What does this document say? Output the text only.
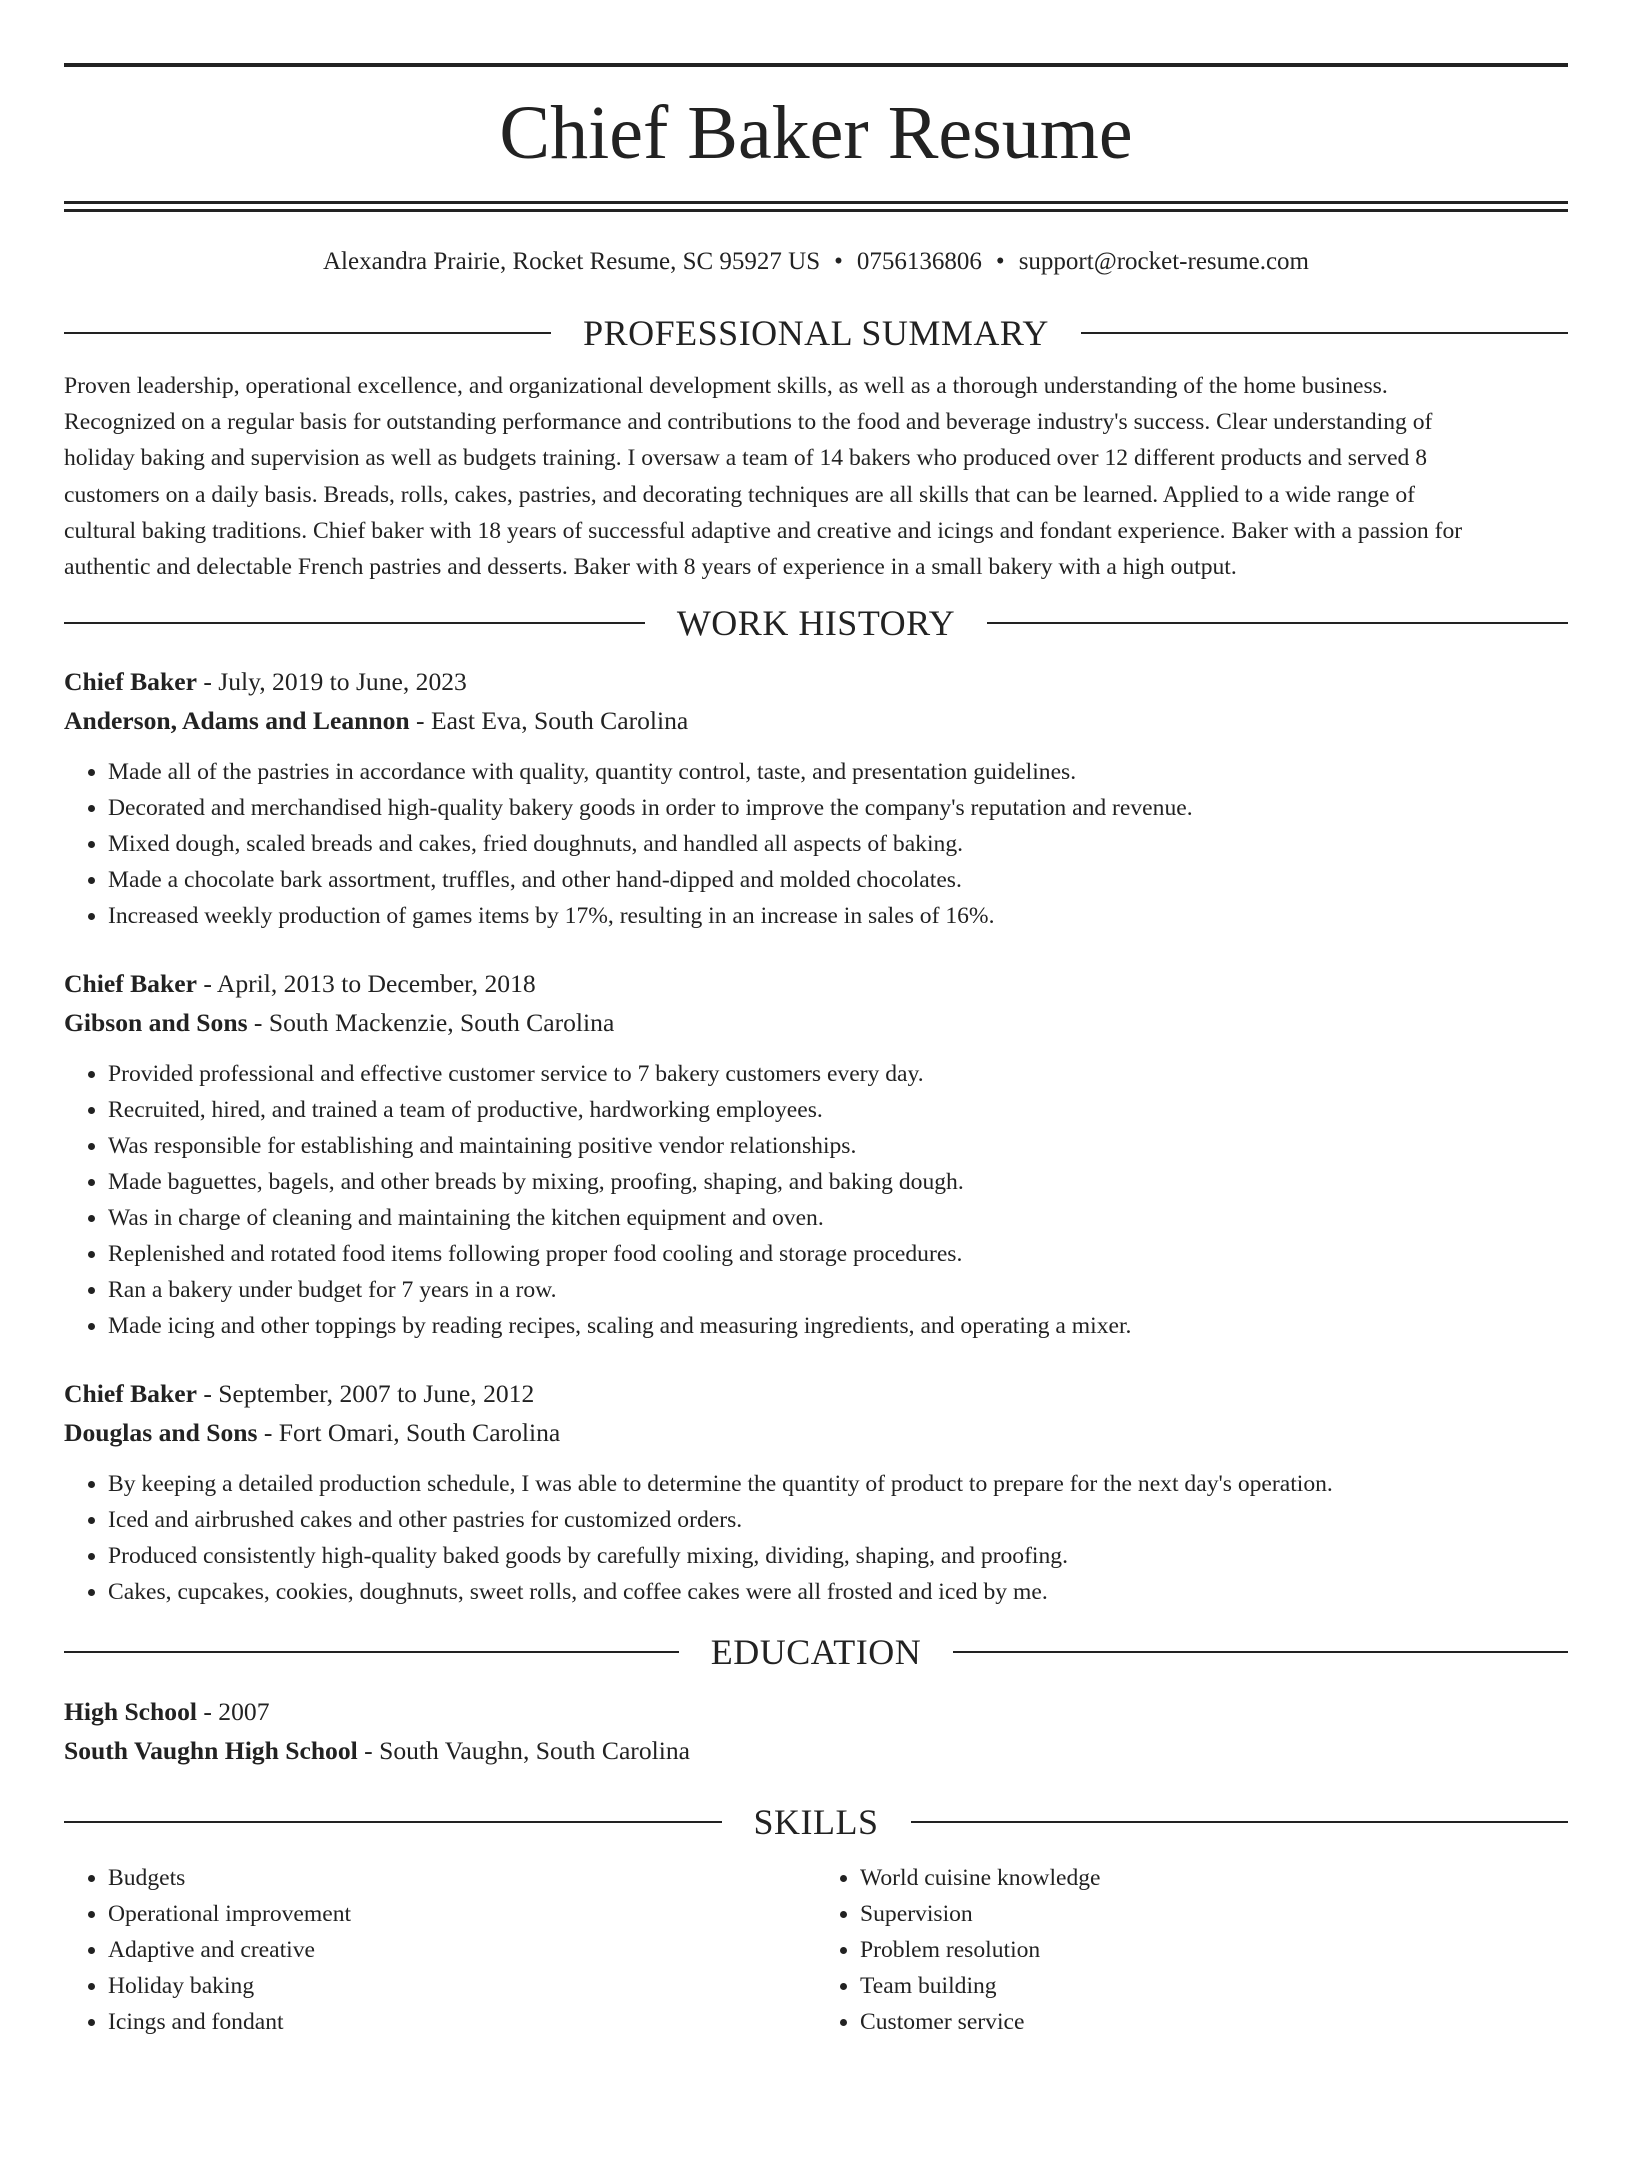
Chief Baker Resume
Alexandra Prairie, Rocket Resume, SC 95927 US • 0756136806 • support@rocket-resume.com
PROFESSIONAL SUMMARY
Proven leadership, operational excellence, and organizational development skills, as well as a thorough understanding of the home business.
Recognized on a regular basis for outstanding performance and contributions to the food and beverage industry's success. Clear understanding of
holiday baking and supervision as well as budgets training. I oversaw a team of 14 bakers who produced over 12 different products and served 8
customers on a daily basis. Breads, rolls, cakes, pastries, and decorating techniques are all skills that can be learned. Applied to a wide range of
cultural baking traditions. Chief baker with 18 years of successful adaptive and creative and icings and fondant experience. Baker with a passion for
authentic and delectable French pastries and desserts. Baker with 8 years of experience in a small bakery with a high output.
WORK HISTORY
Chief Baker - July, 2019 to June, 2023
Anderson, Adams and Leannon - East Eva, South Carolina
• Made all of the pastries in accordance with quality, quantity control, taste, and presentation guidelines.
• Decorated and merchandised high-quality bakery goods in order to improve the company's reputation and revenue.
• Mixed dough, scaled breads and cakes, fried doughnuts, and handled all aspects of baking.
• Made a chocolate bark assortment, truffles, and other hand-dipped and molded chocolates.
• Increased weekly production of games items by 17%, resulting in an increase in sales of 16%.
Chief Baker - April, 2013 to December, 2018
Gibson and Sons - South Mackenzie, South Carolina
• Provided professional and effective customer service to 7 bakery customers every day.
• Recruited, hired, and trained a team of productive, hardworking employees.
• Was responsible for establishing and maintaining positive vendor relationships.
• Made baguettes, bagels, and other breads by mixing, proofing, shaping, and baking dough.
• Was in charge of cleaning and maintaining the kitchen equipment and oven.
• Replenished and rotated food items following proper food cooling and storage procedures.
• Ran a bakery under budget for 7 years in a row.
• Made icing and other toppings by reading recipes, scaling and measuring ingredients, and operating a mixer.
Chief Baker - September, 2007 to June, 2012
Douglas and Sons - Fort Omari, South Carolina
• By keeping a detailed production schedule, I was able to determine the quantity of product to prepare for the next day's operation.
• Iced and airbrushed cakes and other pastries for customized orders.
• Produced consistently high-quality baked goods by carefully mixing, dividing, shaping, and proofing.
• Cakes, cupcakes, cookies, doughnuts, sweet rolls, and coffee cakes were all frosted and iced by me.
EDUCATION
High School - 2007
South Vaughn High School - South Vaughn, South Carolina
SKILLS
• Budgets
• Operational improvement
• Adaptive and creative
• Holiday baking
• Icings and fondant
• World cuisine knowledge
• Supervision
• Problem resolution
• Team building
• Customer service
